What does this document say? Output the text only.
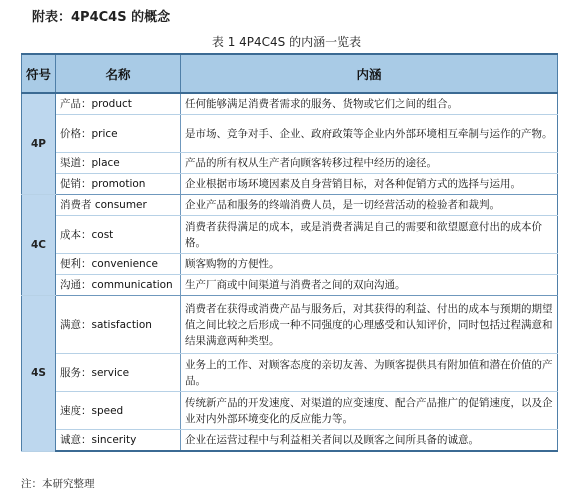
附表：4P4C4S 的概念
表 1 4P4C4S 的内涵一览表
符号	名称	内涵
4P	产品：product	任何能够满足消费者需求的服务、货物或它们之间的组合。
	价格：price	是市场、竞争对手、企业、政府政策等企业内外部环境相互牵制与运作的产物。
	渠道：place	产品的所有权从生产者向顾客转移过程中经历的途径。
	促销：promotion	企业根据市场环境因素及自身营销目标，对各种促销方式的选择与运用。
4C	消费者 consumer	企业产品和服务的终端消费人员，是一切经营活动的检验者和裁判。
	成本：cost	消费者获得满足的成本，或是消费者满足自己的需要和欲望愿意付出的成本价格。
	便利：convenience	顾客购物的方便性。
	沟通：communication	生产厂商或中间渠道与消费者之间的双向沟通。
4S	满意：satisfaction	消费者在获得或消费产品与服务后，对其获得的利益、付出的成本与预期的期望值之间比较之后形成一种不同强度的心理感受和认知评价，同时包括过程满意和结果满意两种类型。
	服务：service	业务上的工作、对顾客态度的亲切友善、为顾客提供具有附加值和潜在价值的产品。
	速度：speed	传统新产品的开发速度、对渠道的应变速度、配合产品推广的促销速度，以及企业对内外部环境变化的反应能力等。
	诚意：sincerity	企业在运营过程中与利益相关者间以及顾客之间所具备的诚意。
注：本研究整理
